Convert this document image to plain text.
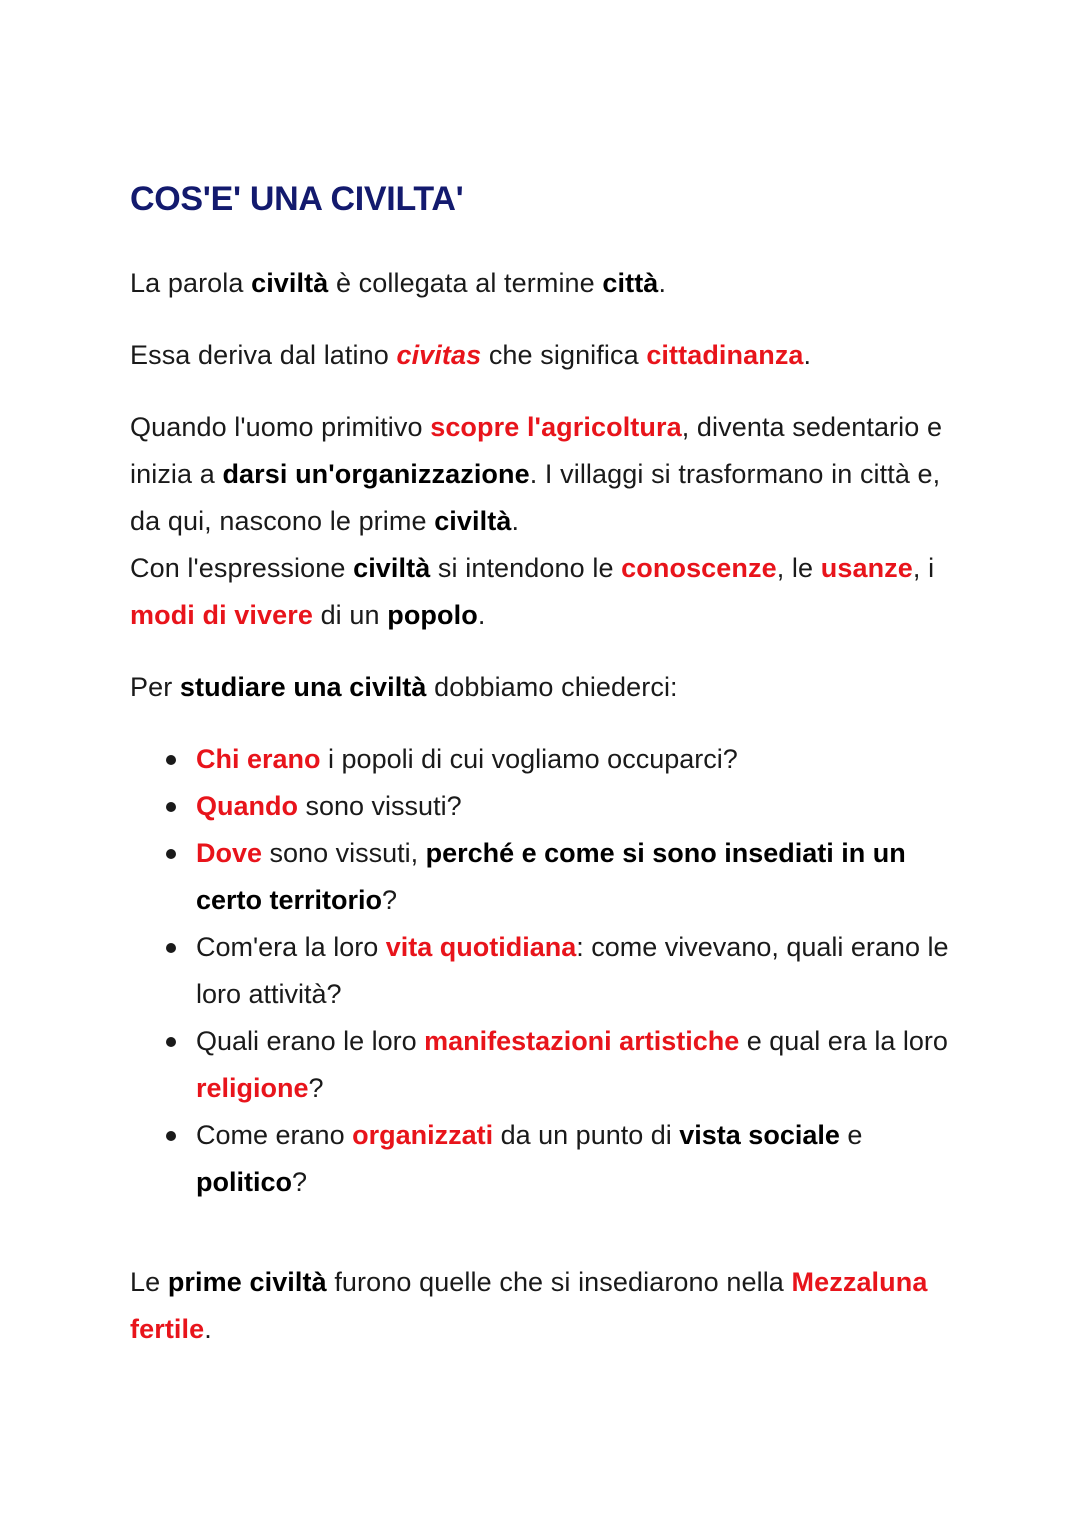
COS'E' UNA CIVILTA'

La parola civiltà è collegata al termine città.

Essa deriva dal latino civitas che significa cittadinanza.

Quando l'uomo primitivo scopre l'agricoltura, diventa sedentario e inizia a darsi un'organizzazione. I villaggi si trasformano in città e, da qui, nascono le prime civiltà.
Con l'espressione civiltà si intendono le conoscenze, le usanze, i modi di vivere di un popolo.

Per studiare una civiltà dobbiamo chiederci:

Chi erano i popoli di cui vogliamo occuparci?
Quando sono vissuti?
Dove sono vissuti, perché e come si sono insediati in un certo territorio?
Com'era la loro vita quotidiana: come vivevano, quali erano le loro attività?
Quali erano le loro manifestazioni artistiche e qual era la loro religione?
Come erano organizzati da un punto di vista sociale e politico?

Le prime civiltà furono quelle che si insediarono nella Mezzaluna fertile.
